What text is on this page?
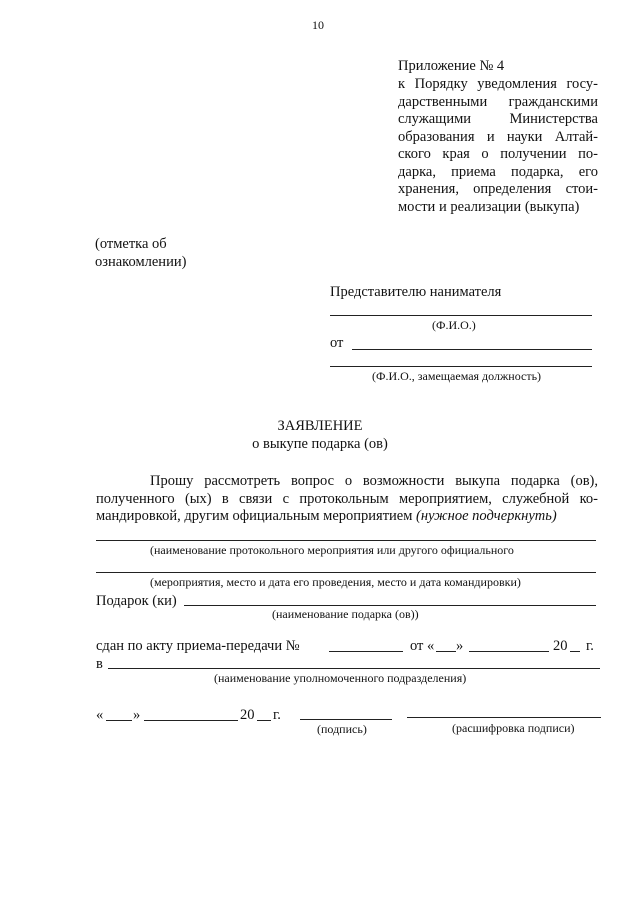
10
Приложение № 4
к Порядку уведомления госу-
дарственными гражданскими
служащими Министерства
образования и науки Алтай-
ского края о получении по-
дарка, приема подарка, его
хранения, определения стои-
мости и реализации (выкупа)
(отметка об
ознакомлении)
Представителю нанимателя
(Ф.И.О.)
от
(Ф.И.О., замещаемая должность)
ЗАЯВЛЕНИЕ
о выкупе подарка (ов)
Прошу рассмотреть вопрос о возможности выкупа подарка (ов),
полученного (ых) в связи с протокольным мероприятием, служебной ко-
мандировкой, другим официальным мероприятием (нужное подчеркнуть)
(наименование протокольного мероприятия или другого официального
(мероприятия, место и дата его проведения, место и дата командировки)
Подарок (ки)
(наименование подарка (ов))
сдан по акту приема-передачи №	от « »	20 г.
в
(наименование уполномоченного подразделения)
« »	20 г.
(подпись)	(расшифровка подписи)
